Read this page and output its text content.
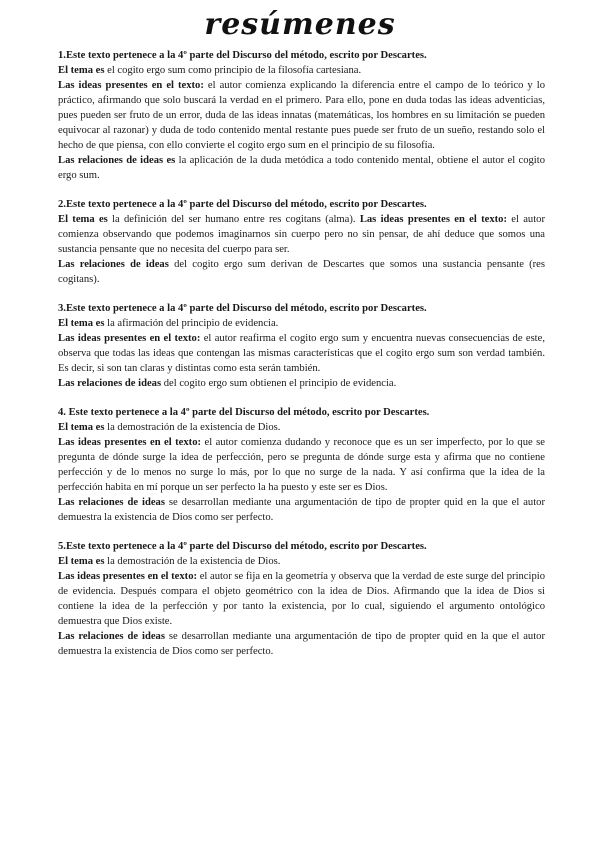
resúmenes

1.Este texto pertenece a la 4º parte del Discurso del método, escrito por Descartes.

El tema es el cogito ergo sum como principio de la filosofía cartesiana.

Las ideas presentes en el texto: el autor comienza explicando la diferencia entre el campo de lo teórico y lo práctico, afirmando que solo buscará la verdad en el primero. Para ello, pone en duda todas las ideas adventicias, pues pueden ser fruto de un error, duda de las ideas innatas (matemáticas, los hombres en su limitación se pueden equivocar al razonar) y duda de todo contenido mental restante pues puede ser fruto de un sueño, restando solo el hecho de que piensa, con ello convierte el cogito ergo sum en el principio de su filosofía.

Las relaciones de ideas es la aplicación de la duda metódica a todo contenido mental, obtiene el autor el cogito ergo sum.

2.Este texto pertenece a la 4º parte del Discurso del método, escrito por Descartes.

El tema es la definición del ser humano entre res cogitans (alma). Las ideas presentes en el texto: el autor comienza observando que podemos imaginarnos sin cuerpo pero no sin pensar, de ahí deduce que somos una sustancia pensante que no necesita del cuerpo para ser.

Las relaciones de ideas del cogito ergo sum derivan de Descartes que somos una sustancia pensante (res cogitans).

3.Este texto pertenece a la 4º parte del Discurso del método, escrito por Descartes.

El tema es la afirmación del principio de evidencia.

Las ideas presentes en el texto: el autor reafirma el cogito ergo sum y encuentra nuevas consecuencias de este, observa que todas las ideas que contengan las mismas características que el cogito ergo sum son verdad también. Es decir, si son tan claras y distintas como esta serán también.

Las relaciones de ideas del cogito ergo sum obtienen el principio de evidencia.

4. Este texto pertenece a la 4º parte del Discurso del método, escrito por Descartes.

El tema es la demostración de la existencia de Dios.

Las ideas presentes en el texto: el autor comienza dudando y reconoce que es un ser imperfecto, por lo que se pregunta de dónde surge la idea de perfección, pero se pregunta de dónde surge esta y afirma que no contiene perfección y de lo menos no surge lo más, por lo que no surge de la nada. Y así confirma que la idea de la perfección habita en mí porque un ser perfecto la ha puesto y este ser es Dios.

Las relaciones de ideas se desarrollan mediante una argumentación de tipo de propter quid en la que el autor demuestra la existencia de Dios como ser perfecto.

5.Este texto pertenece a la 4º parte del Discurso del método, escrito por Descartes.

El tema es la demostración de la existencia de Dios.

Las ideas presentes en el texto: el autor se fija en la geometría y observa que la verdad de este surge del principio de evidencia. Después compara el objeto geométrico con la idea de Dios. Afirmando que la idea de Dios si contiene la idea de la perfección y por tanto la existencia, por lo cual, siguiendo el argumento ontológico demuestra que Dios existe.

Las relaciones de ideas se desarrollan mediante una argumentación de tipo de propter quid en la que el autor demuestra la existencia de Dios como ser perfecto.
